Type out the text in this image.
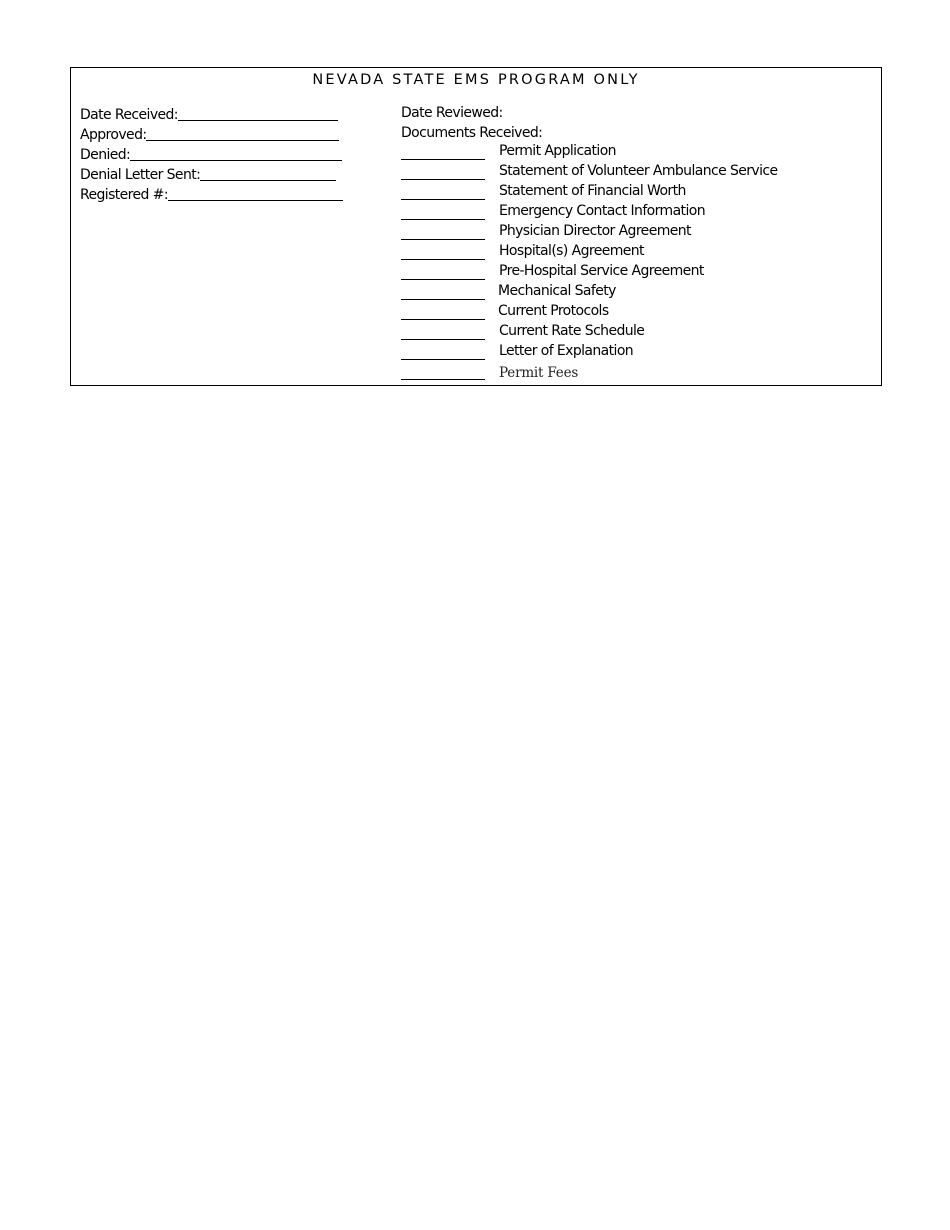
NEVADA STATE EMS PROGRAM ONLY
Date Received:
Approved:
Denied:
Denial Letter Sent:
Registered #:
Date Reviewed:
Documents Received:
Permit Application
Statement of Volunteer Ambulance Service
Statement of Financial Worth
Emergency Contact Information
Physician Director Agreement
Hospital(s) Agreement
Pre-Hospital Service Agreement
Mechanical Safety
Current Protocols
Current Rate Schedule
Letter of Explanation
Permit Fees
